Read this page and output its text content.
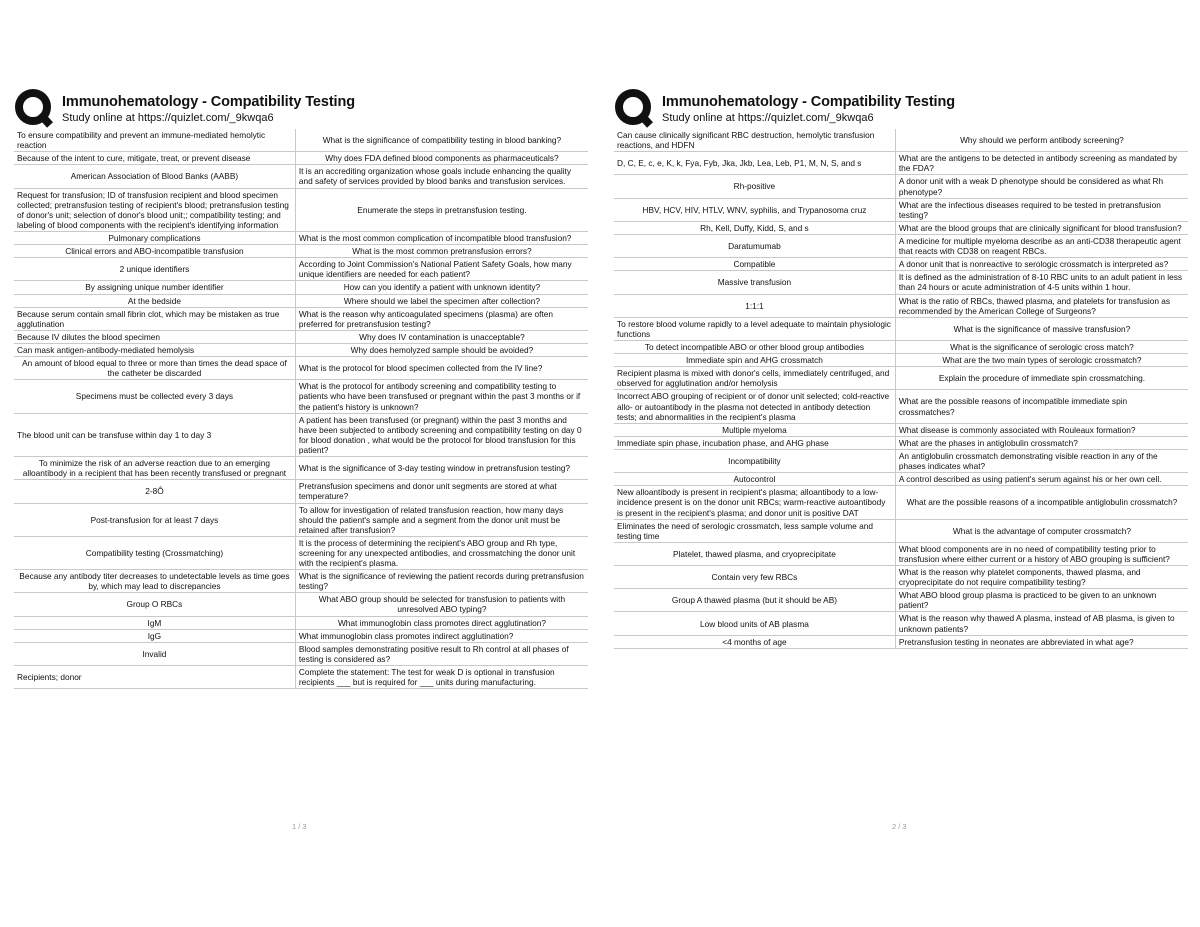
Immunohematology - Compatibility Testing
Study online at https://quizlet.com/_9kwqa6
To ensure compatibility and prevent an immune-mediated hemolytic reaction	What is the significance of compatibility testing in blood banking?
Because of the intent to cure, mitigate, treat, or prevent disease	Why does FDA defined blood components as pharmaceuticals?
American Association of Blood Banks (AABB)	It is an accrediting organization whose goals include enhancing the quality and safety of services provided by blood banks and transfusion services.
Request for transfusion; ID of transfusion recipient and blood specimen collected; pretransfusion testing of recipient's blood; pretransfusion testing of donor's unit; selection of donor's blood unit;; compatibility testing; and labeling of blood components with the recipient's identifying information	Enumerate the steps in pretransfusion testing.
Pulmonary complications	What is the most common complication of incompatible blood transfusion?
Clinical errors and ABO-incompatible transfusion	What is the most common pretransfusion errors?
2 unique identifiers	According to Joint Commission's National Patient Safety Goals, how many unique identifiers are needed for each patient?
By assigning unique number identifier	How can you identify a patient with unknown identity?
At the bedside	Where should we label the specimen after collection?
Because serum contain small fibrin clot, which may be mistaken as true agglutination	What is the reason why anticoagulated specimens (plasma) are often preferred for pretransfusion testing?
Because IV dilutes the blood specimen	Why does IV contamination is unacceptable?
Can mask antigen-antibody-mediated hemolysis	Why does hemolyzed sample should be avoided?
An amount of blood equal to three or more than times the dead space of the catheter be discarded	What is the protocol for blood specimen collected from the IV line?
Specimens must be collected every 3 days	What is the protocol for antibody screening and compatibility testing to patients who have been transfused or pregnant within the past 3 months or if the patient's history is unknown?
The blood unit can be transfuse within day 1 to day 3	A patient has been transfused (or pregnant) within the past 3 months and have been subjected to antibody screening and compatibility testing on day 0 for blood donation , what would be the protocol for blood transfusion for this patient?
To minimize the risk of an adverse reaction due to an emerging alloantibody in a recipient that has been recently transfused or pregnant	What is the significance of 3-day testing window in pretransfusion testing?
2-8Ô	Pretransfusion specimens and donor unit segments are stored at what temperature?
Post-transfusion for at least 7 days	To allow for investigation of related transfusion reaction, how many days should the patient's sample and a segment from the donor unit must be retained after transfusion?
Compatibility testing (Crossmatching)	It is the process of determining the recipient's ABO group and Rh type, screening for any unexpected antibodies, and crossmatching the donor unit with the recipient's plasma.
Because any antibody titer decreases to undetectable levels as time goes by, which may lead to discrepancies	What is the significance of reviewing the patient records during pretransfusion testing?
Group O RBCs	What ABO group should be selected for transfusion to patients with unresolved ABO typing?
IgM	What immunoglobin class promotes direct agglutination?
IgG	What immunoglobin class promotes indirect agglutination?
Invalid	Blood samples demonstrating positive result to Rh control at all phases of testing is considered as?
Recipients; donor	Complete the statement: The test for weak D is optional in transfusion recipients ___ but is required for ___ units during manufacturing.
1 / 3
Immunohematology - Compatibility Testing
Study online at https://quizlet.com/_9kwqa6
Can cause clinically significant RBC destruction, hemolytic transfusion reactions, and HDFN	Why should we perform antibody screening?
D, C, E, c, e, K, k, Fya, Fyb, Jka, Jkb, Lea, Leb, P1, M, N, S, and s	What are the antigens to be detected in antibody screening as mandated by the FDA?
Rh-positive	A donor unit with a weak D phenotype should be considered as what Rh phenotype?
HBV, HCV, HIV, HTLV, WNV, syphilis, and Trypanosoma cruz	What are the infectious diseases required to be tested in pretransfusion testing?
Rh, Kell, Duffy, Kidd, S, and s	What are the blood groups that are clinically significant for blood transfusion?
Daratumumab	A medicine for multiple myeloma describe as an anti-CD38 therapeutic agent that reacts with CD38 on reagent RBCs.
Compatible	A donor unit that is nonreactive to serologic crossmatch is interpreted as?
Massive transfusion	It is defined as the administration of 8-10 RBC units to an adult patient in less than 24 hours or acute administration of 4-5 units within 1 hour.
1:1:1	What is the ratio of RBCs, thawed plasma, and platelets for transfusion as recommended by the American College of Surgeons?
To restore blood volume rapidly to a level adequate to maintain physiologic functions	What is the significance of massive transfusion?
To detect incompatible ABO or other blood group antibodies	What is the significance of serologic cross match?
Immediate spin and AHG crossmatch	What are the two main types of serologic crossmatch?
Recipient plasma is mixed with donor's cells, immediately centrifuged, and observed for agglutination and/or hemolysis	Explain the procedure of immediate spin crossmatching.
Incorrect ABO grouping of recipient or of donor unit selected; cold-reactive allo- or autoantibody in the plasma not detected in antibody detection tests; and abnormalities in the recipient's plasma	What are the possible reasons of incompatible immediate spin crossmatches?
Multiple myeloma	What disease is commonly associated with Rouleaux formation?
Immediate spin phase, incubation phase, and AHG phase	What are the phases in antiglobulin crossmatch?
Incompatibility	An antiglobulin crossmatch demonstrating visible reaction in any of the phases indicates what?
Autocontrol	A control described as using patient's serum against his or her own cell.
New alloantibody is present in recipient's plasma; alloantibody to a low-incidence present is on the donor unit RBCs; warm-reactive autoantibody is present in the recipient's plasma; and donor unit is positive DAT	What are the possible reasons of a incompatible antiglobulin crossmatch?
Eliminates the need of serologic crossmatch, less sample volume and testing time	What is the advantage of computer crossmatch?
Platelet, thawed plasma, and cryoprecipitate	What blood components are in no need of compatibility testing prior to transfusion where either current or a history of ABO grouping is sufficient?
Contain very few RBCs	What is the reason why platelet components, thawed plasma, and cryoprecipitate do not require compatibility testing?
Group A thawed plasma (but it should be AB)	What ABO blood group plasma is practiced to be given to an unknown patient?
Low blood units of AB plasma	What is the reason why thawed A plasma, instead of AB plasma, is given to unknown patients?
<4 months of age	Pretransfusion testing in neonates are abbreviated in what age?
2 / 3
